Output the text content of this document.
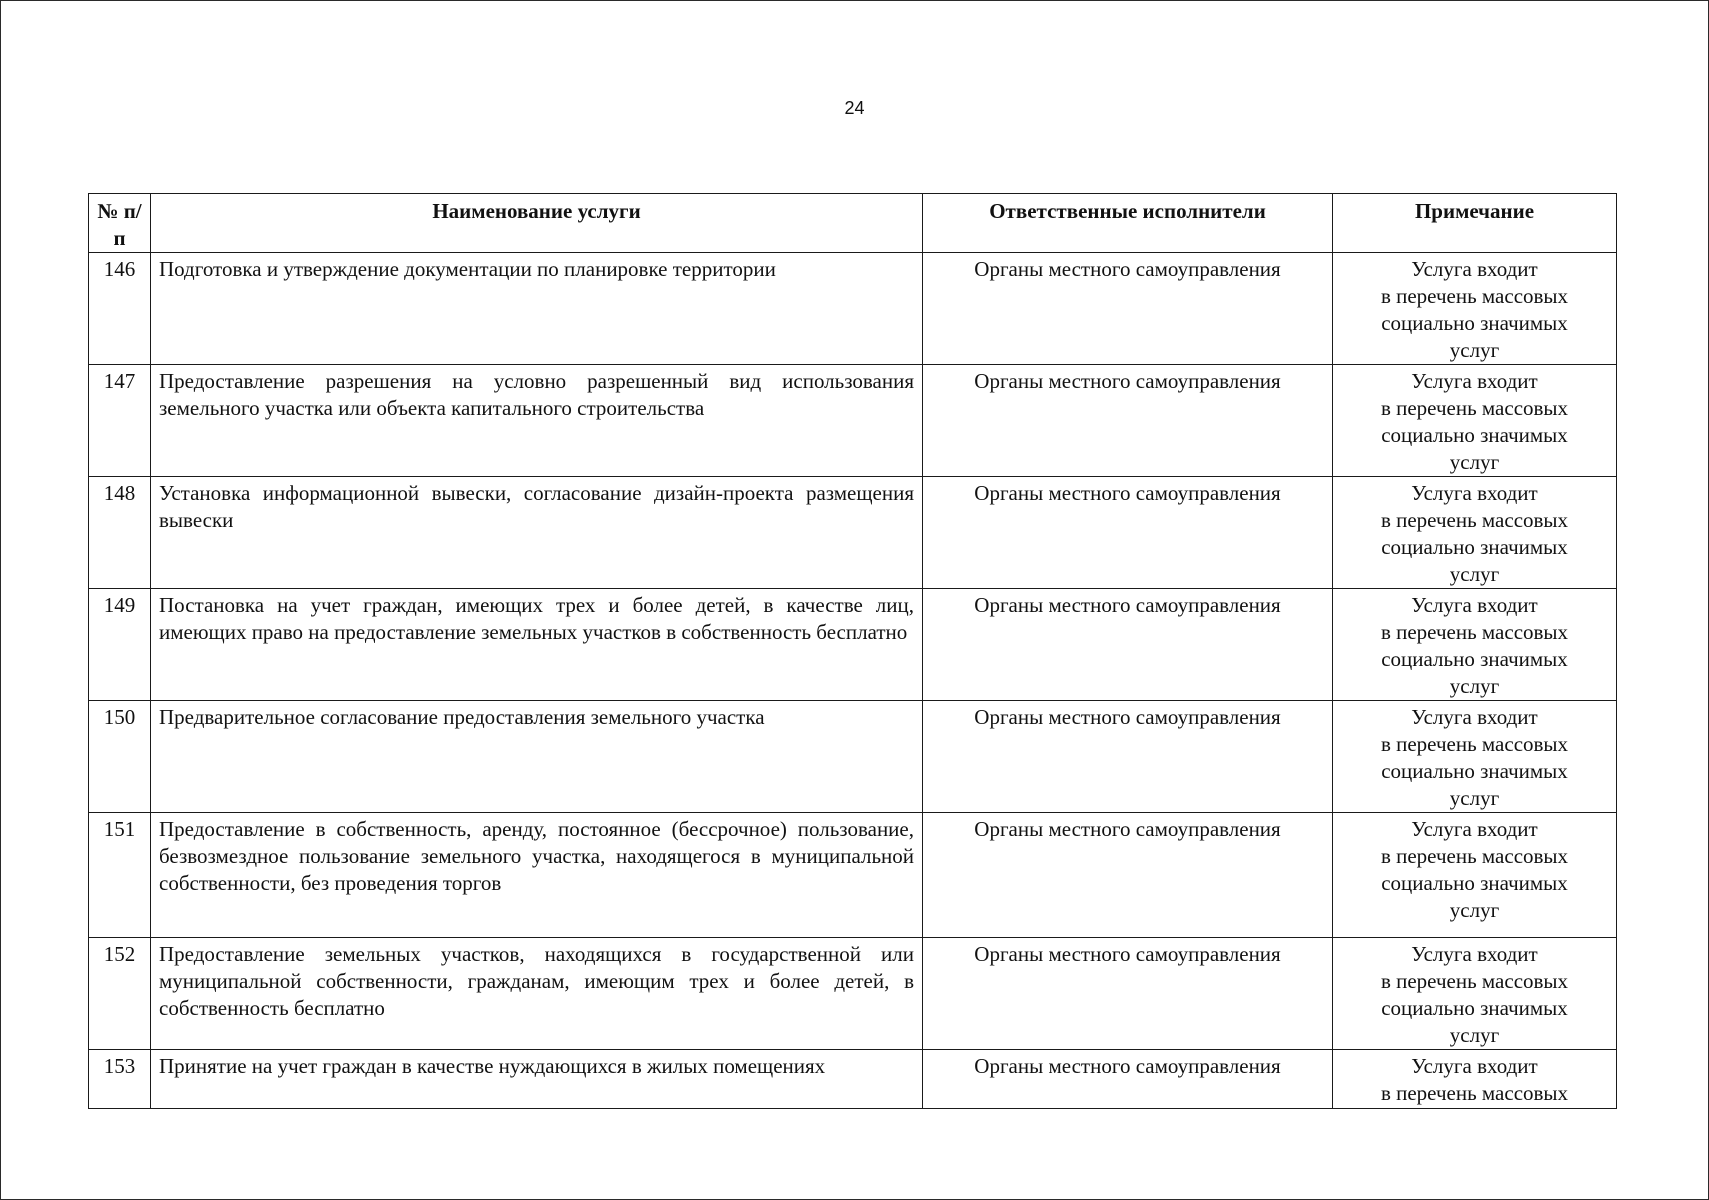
24
№ п/п	Наименование услуги	Ответственные исполнители	Примечание
146	Подготовка и утверждение документации по планировке территории	Органы местного самоуправления	Услуга входит
в перечень массовых
социально значимых
услуг

147	Предоставление разрешения на условно разрешенный вид использования земельного участка или объекта капитального строительства	Органы местного самоуправления	Услуга входит
в перечень массовых
социально значимых
услуг

148	Установка информационной вывески, согласование дизайн-проекта размещения вывески	Органы местного самоуправления	Услуга входит
в перечень массовых
социально значимых
услуг

149	Постановка на учет граждан, имеющих трех и более детей, в качестве лиц, имеющих право на предоставление земельных участков в собственность бесплатно	Органы местного самоуправления	Услуга входит
в перечень массовых
социально значимых
услуг

150	Предварительное согласование предоставления земельного участка	Органы местного самоуправления	Услуга входит
в перечень массовых
социально значимых
услуг

151	Предоставление в собственность, аренду, постоянное (бессрочное) пользование, безвозмездное пользование земельного участка, находящегося в муниципальной собственности, без проведения торгов	Органы местного самоуправления	Услуга входит
в перечень массовых
социально значимых
услуг

152	Предоставление земельных участков, находящихся в государственной или муниципальной собственности, гражданам, имеющим трех и более детей, в собственность бесплатно	Органы местного самоуправления	Услуга входит
в перечень массовых
социально значимых
услуг

153	Принятие на учет граждан в качестве нуждающихся в жилых помещениях	Органы местного самоуправления	Услуга входит
в перечень массовых
